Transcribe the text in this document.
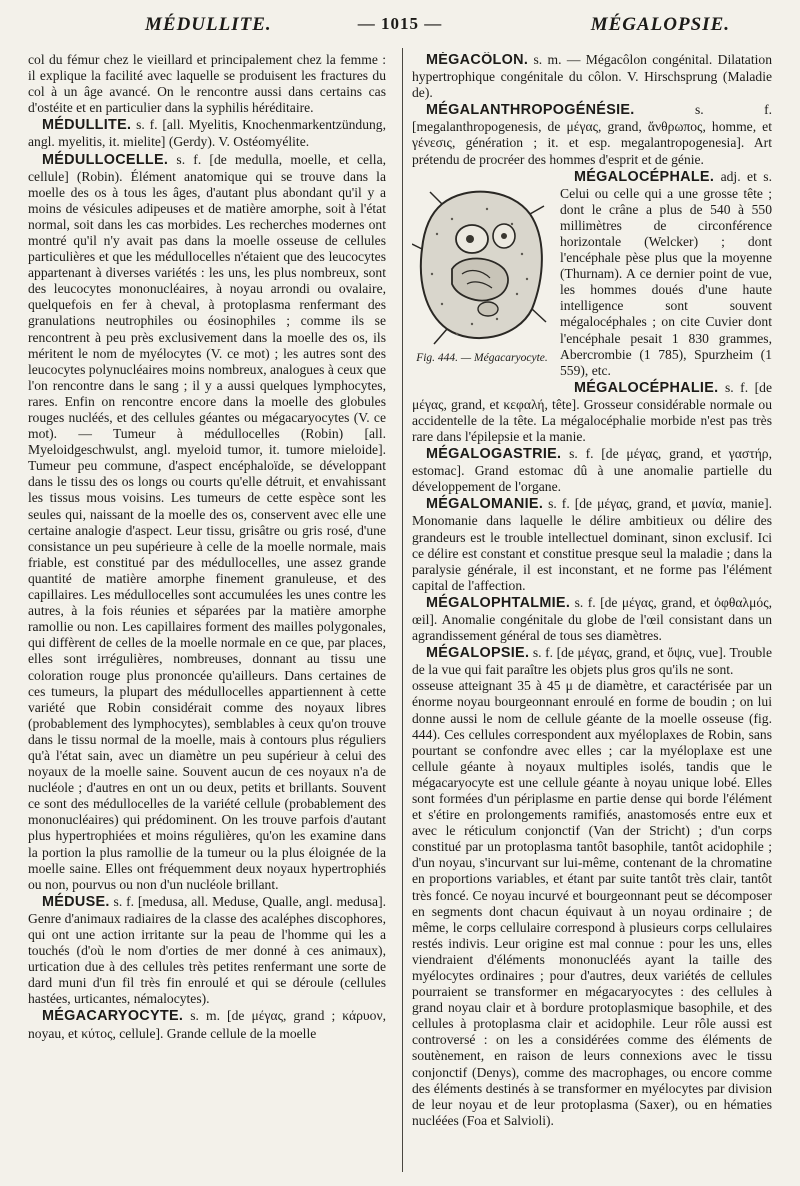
MÉDULLITE.	— 1015 —	MÉGALOPSIE.

col du fémur chez le vieillard et principalement chez la femme : il explique la facilité avec laquelle se produisent les fractures du col à un âge avancé. On le rencontre aussi dans certains cas d'ostéite et en particulier dans la syphilis héréditaire.

MÉDULLITE. s. f. [all. Myelitis, Knochenmarkentzündung, angl. myelitis, it. mielite] (Gerdy). V. Ostéomyélite.

MÉDULLOCELLE. s. f. [de medulla, moelle, et cella, cellule] (Robin). Élément anatomique qui se trouve dans la moelle des os à tous les âges, d'autant plus abondant qu'il y a moins de vésicules adipeuses et de matière amorphe, soit à l'état normal, soit dans les cas morbides. Les recherches modernes ont montré qu'il n'y avait pas dans la moelle osseuse de cellules particulières et que les médullocelles n'étaient que des leucocytes appartenant à diverses variétés : les uns, les plus nombreux, sont des leucocytes mononucléaires, à noyau arrondi ou ovalaire, quelquefois en fer à cheval, à protoplasma renfermant des granulations neutrophiles ou éosinophiles ; comme ils se rencontrent à peu près exclusivement dans la moelle des os, ils méritent le nom de myélocytes (V. ce mot) ; les autres sont des leucocytes polynucléaires moins nombreux, analogues à ceux que l'on rencontre dans le sang ; il y a aussi quelques lymphocytes, rares. Enfin on rencontre encore dans la moelle des globules rouges nucléés, et des cellules géantes ou mégacaryocytes (V. ce mot). — Tumeur à médullocelles (Robin) [all. Myeloidgeschwulst, angl. myeloid tumor, it. tumore mieloide]. Tumeur peu commune, d'aspect encéphaloïde, se développant dans le tissu des os longs ou courts qu'elle détruit, et envahissant les tissus mous voisins. Les tumeurs de cette espèce sont les seules qui, naissant de la moelle des os, conservent avec elle une certaine analogie d'aspect. Leur tissu, grisâtre ou gris rosé, d'une consistance un peu supérieure à celle de la moelle normale, mais friable, est constitué par des médullocelles, une assez grande quantité de matière amorphe finement granuleuse, et des capillaires. Les médullocelles sont accumulées les unes contre les autres, à la fois réunies et séparées par la matière amorphe ramollie ou non. Les capillaires forment des mailles polygonales, qui diffèrent de celles de la moelle normale en ce que, par places, elles sont irrégulières, nombreuses, donnant au tissu une coloration rouge plus prononcée qu'ailleurs. Dans certaines de ces tumeurs, la plupart des médullocelles appartiennent à cette variété que Robin considérait comme des noyaux libres (probablement des lymphocytes), semblables à ceux qu'on trouve dans le tissu normal de la moelle, mais à contours plus réguliers qu'à l'état sain, avec un diamètre un peu supérieur à celui des noyaux de la moelle saine. Souvent aucun de ces noyaux n'a de nucléole ; d'autres en ont un ou deux, petits et brillants. Souvent ce sont des médullocelles de la variété cellule (probablement des mononucléaires) qui prédominent. On les trouve parfois d'autant plus hypertrophiées et moins régulières, qu'on les examine dans la portion la plus ramollie de la tumeur ou la plus éloignée de la moelle saine. Elles ont fréquemment deux noyaux hypertrophiés ou non, pourvus ou non d'un nucléole brillant.

MÉDUSE. s. f. [medusa, all. Meduse, Qualle, angl. medusa]. Genre d'animaux radiaires de la classe des acaléphes discophores, qui ont une action irritante sur la peau de l'homme qui les a touchés (d'où le nom d'orties de mer donné à ces animaux), urtication due à des cellules très petites renfermant une sorte de dard muni d'un fil très fin enroulé et qui se déroule (cellules hastées, urticantes, némalocytes).

MÉGACARYOCYTE. s. m. [de μέγας, grand ; κάρυον, noyau, et κύτος, cellule]. Grande cellule de la moelle

Fig. 444. — Mégacaryocyte.

MÉGACÔLON. s. m. — Mégacôlon congénital. Dilatation hypertrophique congénitale du côlon. V. Hirschsprung (Maladie de).

MÉGALANTHROPOGÉNÉSIE. s. f. [megalanthropogenesis, de μέγας, grand, ἄνθρωπος, homme, et γένεσις, génération ; it. et esp. megalantropogenesia]. Art prétendu de procréer des hommes d'esprit et de génie.

MÉGALOCÉPHALE. adj. et s. Celui ou celle qui a une grosse tête ; dont le crâne a plus de 540 à 550 millimètres de circonférence horizontale (Welcker) ; dont l'encéphale pèse plus que la moyenne (Thurnam). A ce dernier point de vue, les hommes doués d'une haute intelligence sont souvent mégalocéphales ; on cite Cuvier dont l'encéphale pesait 1 830 grammes, Abercrombie (1 785), Spurzheim (1 559), etc.

MÉGALOCÉPHALIE. s. f. [de μέγας, grand, et κεφαλή, tête]. Grosseur considérable normale ou accidentelle de la tête. La mégalocéphalie morbide n'est pas très rare dans l'épilepsie et la manie.

MÉGALOGASTRIE. s. f. [de μέγας, grand, et γαστήρ, estomac]. Grand estomac dû à une anomalie partielle du développement de l'organe.

MÉGALOMANIE. s. f. [de μέγας, grand, et μανία, manie]. Monomanie dans laquelle le délire ambitieux ou délire des grandeurs est le trouble intellectuel dominant, sinon exclusif. Ici ce délire est constant et constitue presque seul la maladie ; dans la paralysie générale, il est inconstant, et ne forme pas l'élément capital de l'affection.

MÉGALOPHTALMIE. s. f. [de μέγας, grand, et ὀφθαλμός, œil]. Anomalie congénitale du globe de l'œil consistant dans un agrandissement général de tous ses diamètres.

MÉGALOPSIE. s. f. [de μέγας, grand, et ὄψις, vue]. Trouble de la vue qui fait paraître les objets plus gros qu'ils ne sont.

osseuse atteignant 35 à 45 μ de diamètre, et caractérisée par un énorme noyau bourgeonnant enroulé en forme de boudin ; on lui donne aussi le nom de cellule géante de la moelle osseuse (fig. 444). Ces cellules correspondent aux myéloplaxes de Robin, sans pourtant se confondre avec elles ; car la myéloplaxe est une cellule géante à noyaux multiples isolés, tandis que le mégacaryocyte est une cellule géante à noyau unique lobé. Elles sont formées d'un périplasme en partie dense qui borde l'élément et s'étire en prolongements ramifiés, anastomosés entre eux et avec le réticulum conjonctif (Van der Stricht) ; d'un corps constitué par un protoplasma tantôt basophile, tantôt acidophile ; d'un noyau, s'incurvant sur lui-même, contenant de la chromatine en proportions variables, et étant par suite tantôt très clair, tantôt très foncé. Ce noyau incurvé et bourgeonnant peut se décomposer en segments dont chacun équivaut à un noyau ordinaire ; de même, le corps cellulaire correspond à plusieurs corps cellulaires restés indivis. Leur origine est mal connue : pour les uns, elles viendraient d'éléments mononucléés ayant la taille des myélocytes ordinaires ; pour d'autres, deux variétés de cellules pourraient se transformer en mégacaryocytes : des cellules à grand noyau clair et à bordure protoplasmique basophile, et des cellules à protoplasma clair et acidophile. Leur rôle aussi est controversé : on les a considérées comme des éléments de soutènement, en raison de leurs connexions avec le tissu conjonctif (Denys), comme des macrophages, ou encore comme des éléments destinés à se transformer en myélocytes par division de leur noyau et de leur protoplasma (Saxer), ou en hématies nucléées (Foa et Salvioli).
